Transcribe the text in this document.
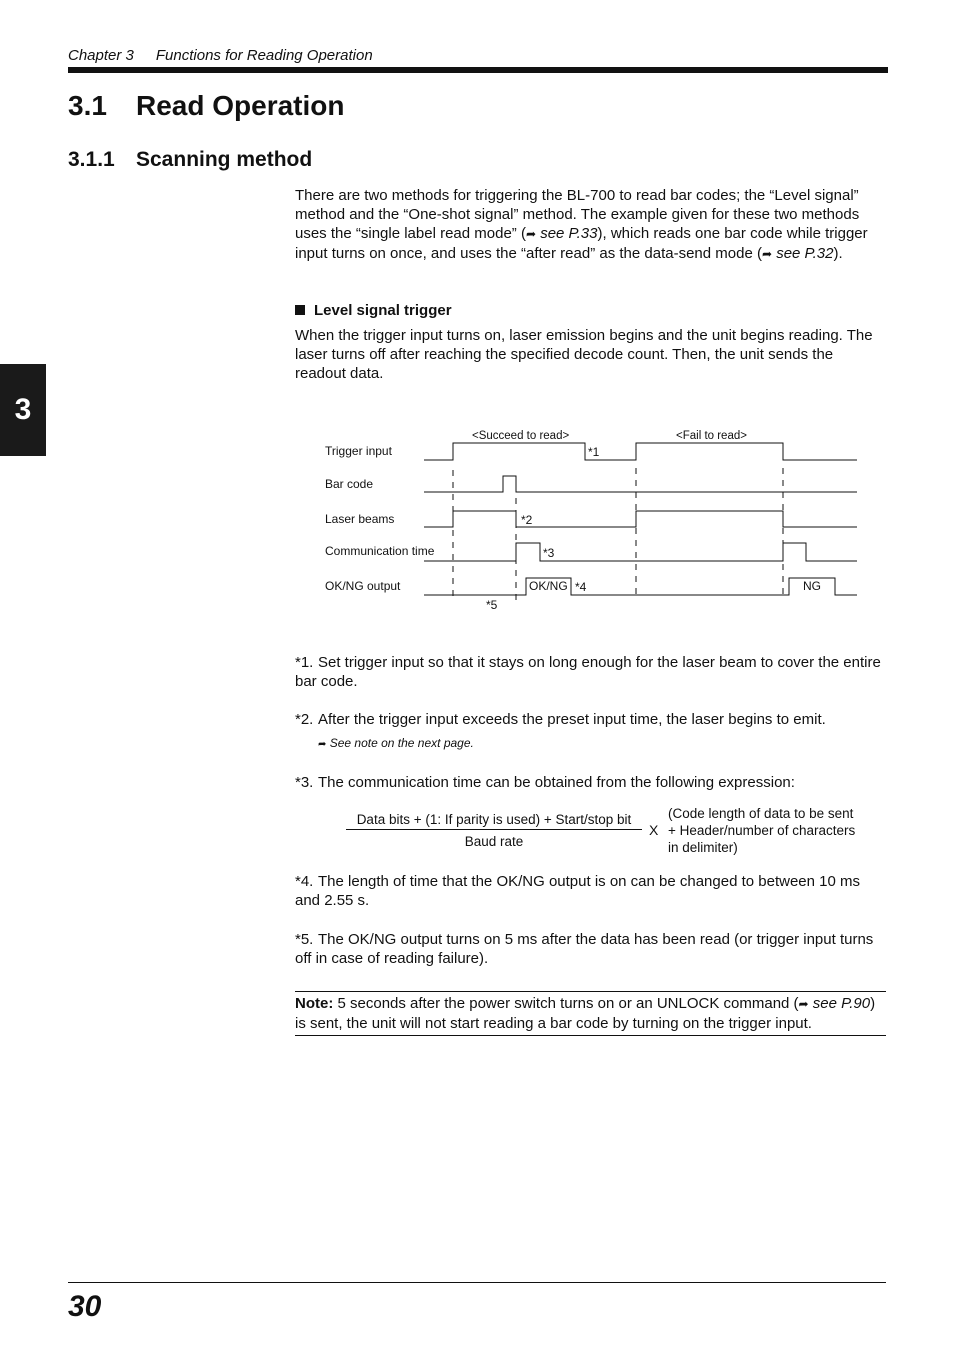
Chapter 3 Functions for Reading Operation
3
3.1 Read Operation
3.1.1 Scanning method
There are two methods for triggering the BL-700 to read bar codes; the “Level signal” method and the “One-shot signal” method. The example given for these two methods uses the “single label read mode” (➦ see P.33), which reads one bar code while trigger input turns on once, and uses the “after read” as the data-send mode (➦ see P.32).
Level signal trigger
When the trigger input turns on, laser emission begins and the unit begins reading. The laser turns off after reaching the specified decode count. Then, the unit sends the readout data.
<Succeed to read>	<Fail to read>
Trigger input
Bar code
Laser beams
Communication time
OK/NG output
*1
*2
*3
*4
*5
OK/NG	NG
*1. Set trigger input so that it stays on long enough for the laser beam to cover the entire bar code.
*2. After the trigger input exceeds the preset input time, the laser begins to emit.
➦ See note on the next page.
*3. The communication time can be obtained from the following expression:
Data bits + (1: If parity is used) + Start/stop bit
Baud rate
X
(Code length of data to be sent + Header/number of characters in delimiter)
*4. The length of time that the OK/NG output is on can be changed to between 10 ms and 2.55 s.
*5. The OK/NG output turns on 5 ms after the data has been read (or trigger input turns off in case of reading failure).
Note: 5 seconds after the power switch turns on or an UNLOCK command (➦ see P.90) is sent, the unit will not start reading a bar code by turning on the trigger input.
30
